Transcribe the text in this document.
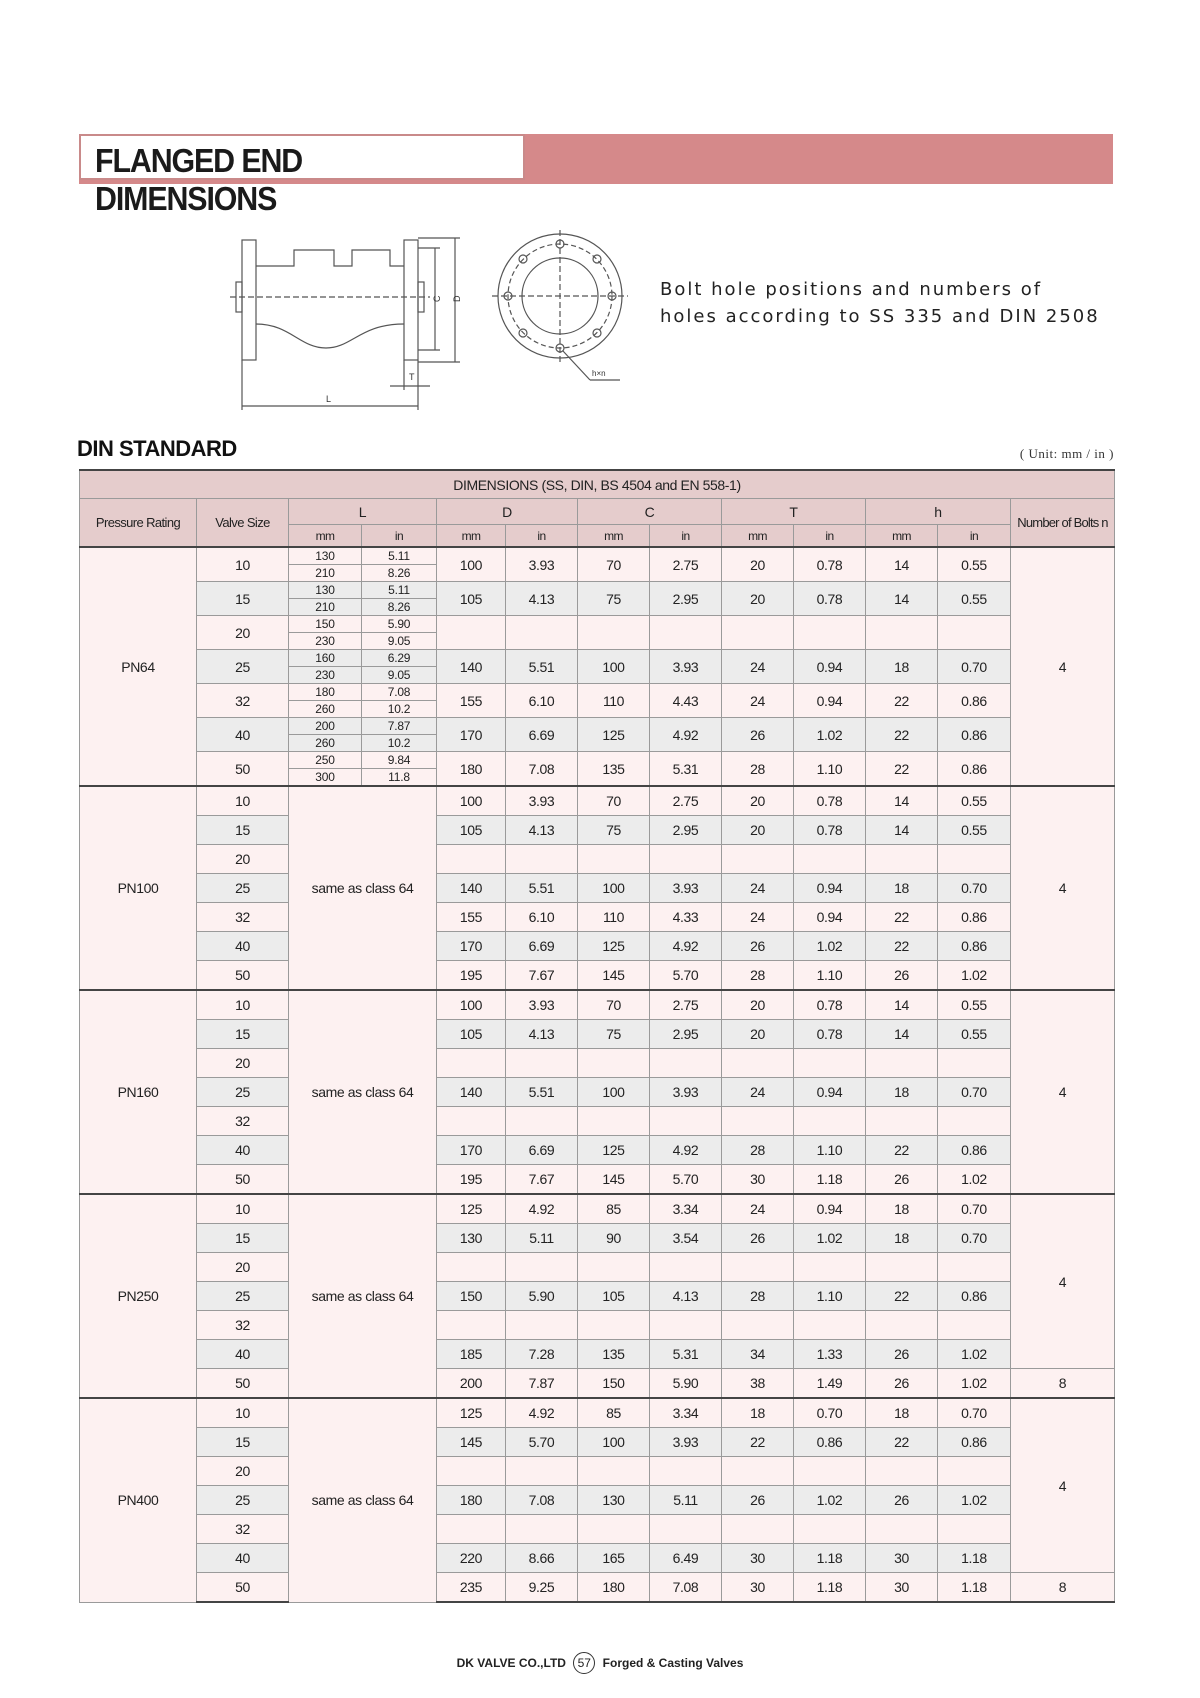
FLANGED END DIMENSIONS
C D
T
L
h×n
Bolt hole positions and numbers of
holes according to SS 335 and DIN 2508
DIN STANDARD	( Unit: mm / in )
DIMENSIONS (SS, DIN, BS 4504 and EN 558-1)												
Pressure Rating	Valve Size	L		D		C		T		h		Number of Bolts n
		mm	in	mm	in	mm	in	mm	in	mm	in	
PN64	10	130	5.11	100	3.93	70	2.75	20	0.78	14	0.55	4
		210	8.26									
	15	130	5.11	105	4.13	75	2.95	20	0.78	14	0.55	
		210	8.26									
	20	150	5.90									
		230	9.05									
	25	160	6.29	140	5.51	100	3.93	24	0.94	18	0.70	
		230	9.05									
	32	180	7.08	155	6.10	110	4.43	24	0.94	22	0.86	
		260	10.2									
	40	200	7.87	170	6.69	125	4.92	26	1.02	22	0.86	
		260	10.2									
	50	250	9.84	180	7.08	135	5.31	28	1.10	22	0.86	
		300	11.8									
PN100	10	same as class 64		100	3.93	70	2.75	20	0.78	14	0.55	4
	15			105	4.13	75	2.95	20	0.78	14	0.55	
	20											
	25			140	5.51	100	3.93	24	0.94	18	0.70	
	32			155	6.10	110	4.33	24	0.94	22	0.86	
	40			170	6.69	125	4.92	26	1.02	22	0.86	
	50			195	7.67	145	5.70	28	1.10	26	1.02	
PN160	10	same as class 64		100	3.93	70	2.75	20	0.78	14	0.55	4
	15			105	4.13	75	2.95	20	0.78	14	0.55	
	20											
	25			140	5.51	100	3.93	24	0.94	18	0.70	
	32											
	40			170	6.69	125	4.92	28	1.10	22	0.86	
	50			195	7.67	145	5.70	30	1.18	26	1.02	
PN250	10	same as class 64		125	4.92	85	3.34	24	0.94	18	0.70	4
	15			130	5.11	90	3.54	26	1.02	18	0.70	
	20											
	25			150	5.90	105	4.13	28	1.10	22	0.86	
	32											
	40			185	7.28	135	5.31	34	1.33	26	1.02	
	50			200	7.87	150	5.90	38	1.49	26	1.02	8
PN400	10	same as class 64		125	4.92	85	3.34	18	0.70	18	0.70	4
	15			145	5.70	100	3.93	22	0.86	22	0.86	
	20											
	25			180	7.08	130	5.11	26	1.02	26	1.02	
	32											
	40			220	8.66	165	6.49	30	1.18	30	1.18	
	50			235	9.25	180	7.08	30	1.18	30	1.18	8
DK VALVE CO.,LTD 57 Forged & Casting Valves
